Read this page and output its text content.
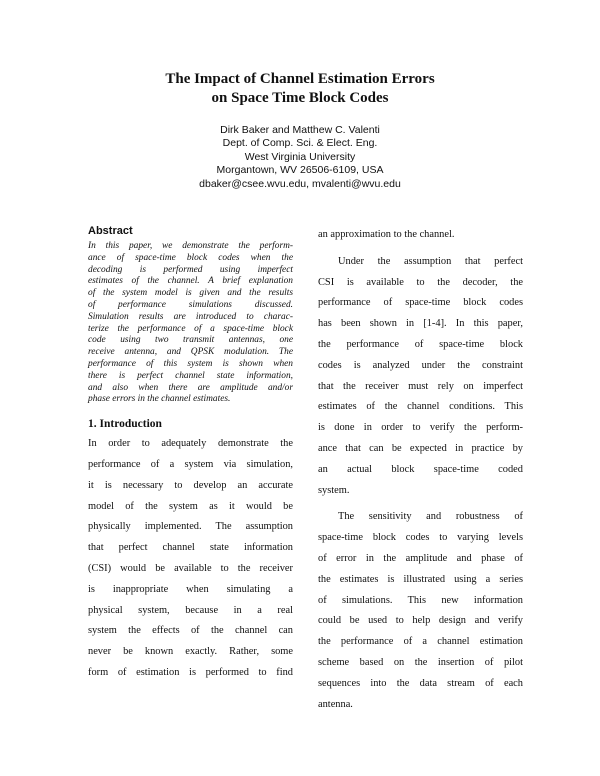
The Impact of Channel Estimation Errors
on Space Time Block Codes
Dirk Baker and Matthew C. Valenti
Dept. of Comp. Sci. & Elect. Eng.
West Virginia University
Morgantown, WV 26506-6109, USA
dbaker@csee.wvu.edu, mvalenti@wvu.edu
Abstract
In this paper, we demonstrate the perform-
ance of space-time block codes when the
decoding is performed using imperfect
estimates of the channel. A brief explanation
of the system model is given and the results
of performance simulations discussed.
Simulation results are introduced to charac-
terize the performance of a space-time block
code using two transmit antennas, one
receive antenna, and QPSK modulation. The
performance of this system is shown when
there is perfect channel state information,
and also when there are amplitude and/or
phase errors in the channel estimates.
1. Introduction
In order to adequately demonstrate the
performance of a system via simulation,
it is necessary to develop an accurate
model of the system as it would be
physically implemented. The assumption
that perfect channel state information
(CSI) would be available to the receiver
is inappropriate when simulating a
physical system, because in a real
system the effects of the channel can
never be known exactly. Rather, some
form of estimation is performed to find
an approximation to the channel.
Under the assumption that perfect
CSI is available to the decoder, the
performance of space-time block codes
has been shown in [1-4]. In this paper,
the performance of space-time block
codes is analyzed under the constraint
that the receiver must rely on imperfect
estimates of the channel conditions. This
is done in order to verify the perform-
ance that can be expected in practice by
an actual block space-time coded
system.
The sensitivity and robustness of
space-time block codes to varying levels
of error in the amplitude and phase of
the estimates is illustrated using a series
of simulations. This new information
could be used to help design and verify
the performance of a channel estimation
scheme based on the insertion of pilot
sequences into the data stream of each
antenna.
